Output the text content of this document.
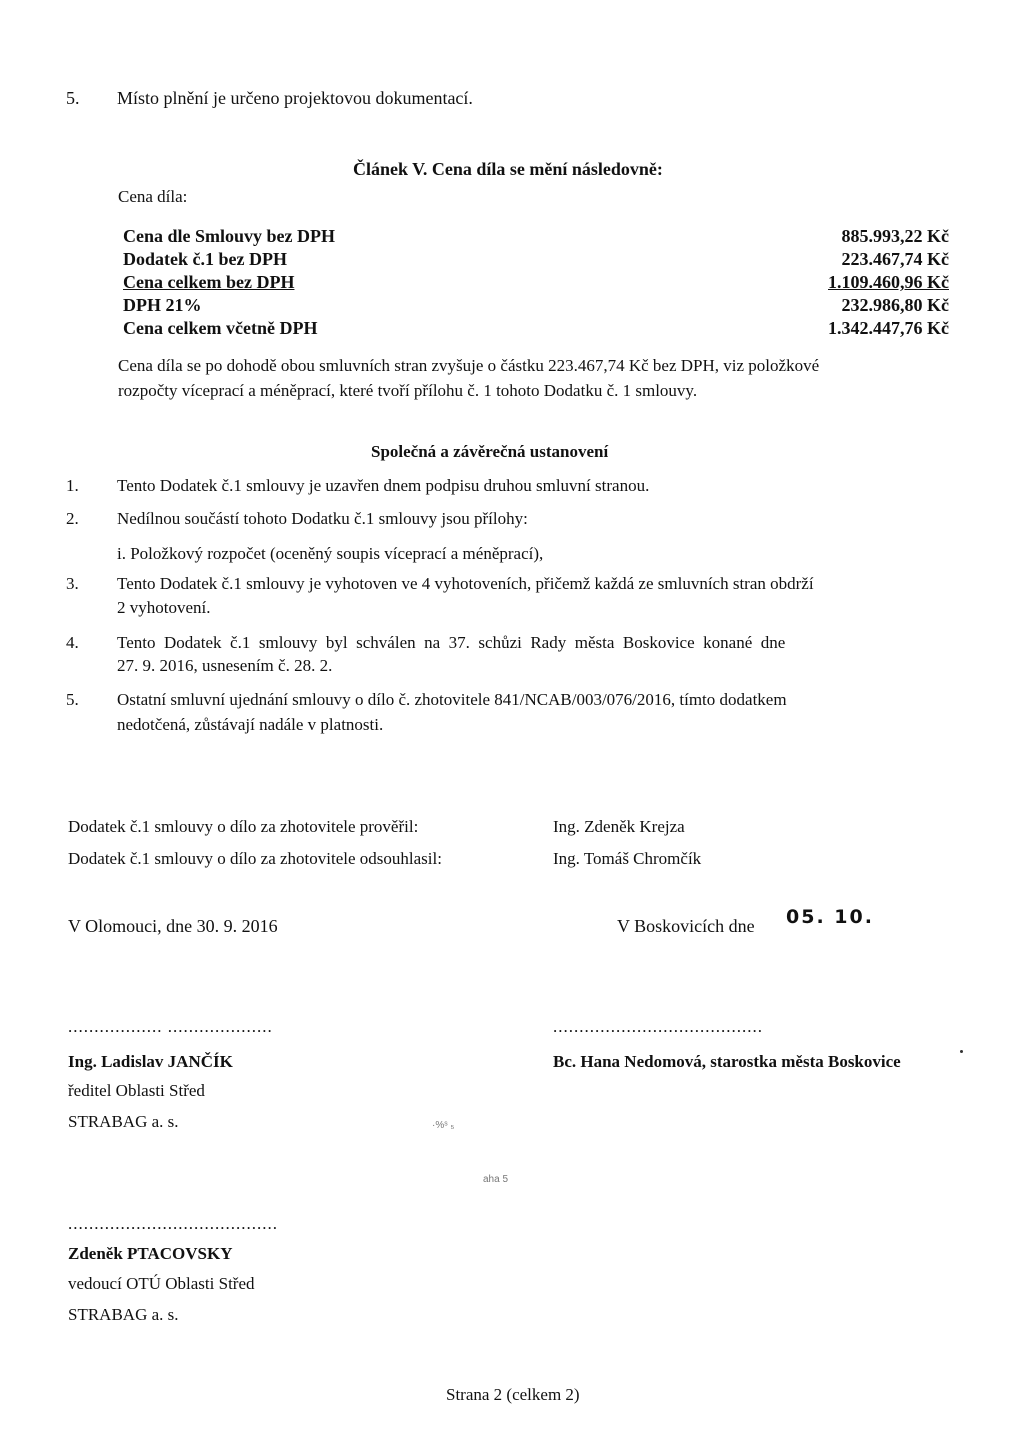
5. Místo plnění je určeno projektovou dokumentací.
Článek V. Cena díla se mění následovně:
Cena díla:
Cena dle Smlouvy bez DPH	885.993,22 Kč
Dodatek č.1 bez DPH	223.467,74 Kč
Cena celkem bez DPH	1.109.460,96 Kč
DPH 21%	232.986,80 Kč
Cena celkem včetně DPH	1.342.447,76 Kč
Cena díla se po dohodě obou smluvních stran zvyšuje o částku 223.467,74 Kč bez DPH, viz položkové
rozpočty víceprací a méněprací, které tvoří přílohu č. 1 tohoto Dodatku č. 1 smlouvy.
Společná a závěrečná ustanovení
1. Tento Dodatek č.1 smlouvy je uzavřen dnem podpisu druhou smluvní stranou.
2. Nedílnou součástí tohoto Dodatku č.1 smlouvy jsou přílohy:
i. Položkový rozpočet (oceněný soupis víceprací a méněprací),
3. Tento Dodatek č.1 smlouvy je vyhotoven ve 4 vyhotoveních, přičemž každá ze smluvních stran obdrží
2 vyhotovení.
4. Tento  Dodatek  č.1  smlouvy  byl  schválen  na  37.  schůzi  Rady  města  Boskovice  konané  dne
27. 9. 2016, usnesením č. 28. 2.
5. Ostatní smluvní ujednání smlouvy o dílo č. zhotovitele 841/NCAB/003/076/2016, tímto dodatkem
nedotčená, zůstávají nadále v platnosti.
Dodatek č.1 smlouvy o dílo za zhotovitele prověřil:	Ing. Zdeněk Krejza
Dodatek č.1 smlouvy o dílo za zhotovitele odsouhlasil:	Ing. Tomáš Chromčík
V Olomouci, dne 30. 9. 2016	V Boskovicích dne 05. 10.
.................. ....................	........................................
Ing. Ladislav JANČÍK
ředitel Oblasti Střed
STRABAG a. s.
Bc. Hana Nedomová, starostka města Boskovice
·%ˢ ₅
aha 5
........................................
Zdeněk PTACOVSKY
vedoucí OTÚ Oblasti Střed
STRABAG a. s.
Strana 2 (celkem 2)
